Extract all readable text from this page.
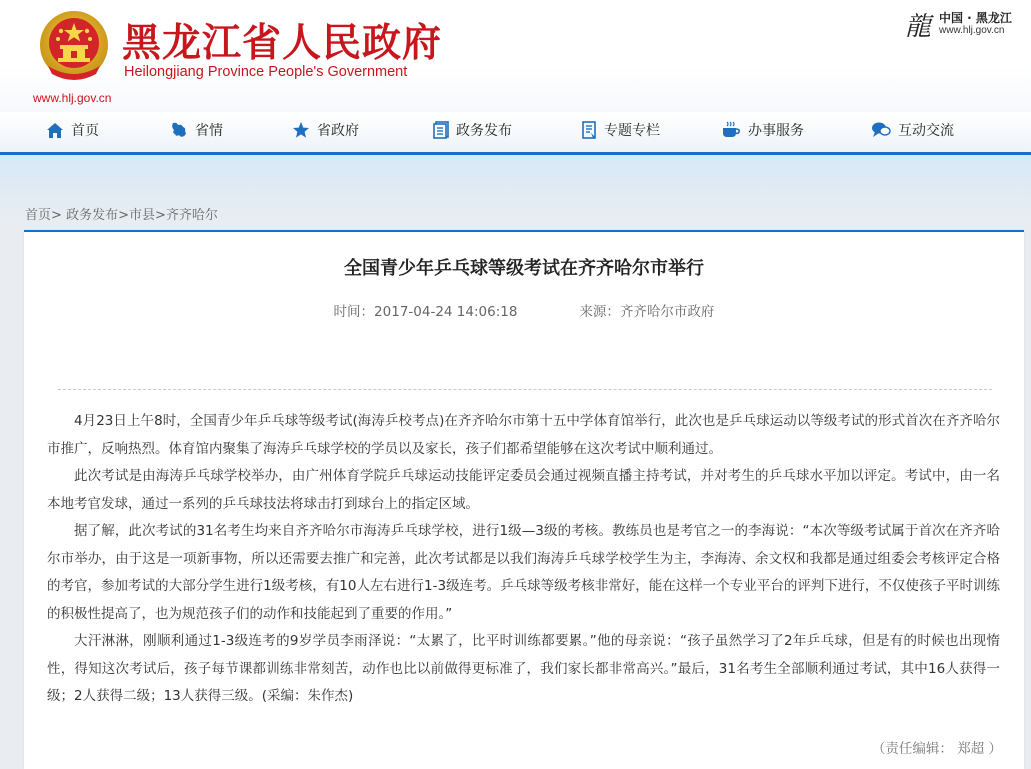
黑龙江省人民政府
Heilongjiang Province People's Government
www.hlj.gov.cn
龍 中国 · 黑龙江
www.hlj.gov.cn
首页	省情	省政府	政务发布	专题专栏	办事服务	互动交流
首页> 政务发布>市县>齐齐哈尔
全国青少年乒乓球等级考试在齐齐哈尔市举行
时间：2017-04-24 14:06:18	来源：齐齐哈尔市政府

4月23日上午8时，全国青少年乒乓球等级考试(海涛乒校考点)在齐齐哈尔市第十五中学体育馆举行，此次也是乒乓球运动以等级考试的形式首次在齐齐哈尔市推广，反响热烈。体育馆内聚集了海涛乒乓球学校的学员以及家长，孩子们都希望能够在这次考试中顺利通过。

此次考试是由海涛乒乓球学校举办，由广州体育学院乒乓球运动技能评定委员会通过视频直播主持考试，并对考生的乒乓球水平加以评定。考试中，由一名本地考官发球，通过一系列的乒乓球技法将球击打到球台上的指定区域。

据了解，此次考试的31名考生均来自齐齐哈尔市海涛乒乓球学校，进行1级—3级的考核。教练员也是考官之一的李海说：“本次等级考试属于首次在齐齐哈尔市举办，由于这是一项新事物，所以还需要去推广和完善，此次考试都是以我们海涛乒乓球学校学生为主，李海涛、余文权和我都是通过组委会考核评定合格的考官，参加考试的大部分学生进行1级考核，有10人左右进行1-3级连考。乒乓球等级考核非常好，能在这样一个专业平台的评判下进行，不仅使孩子平时训练的积极性提高了，也为规范孩子们的动作和技能起到了重要的作用。”

大汗淋淋，刚顺利通过1-3级连考的9岁学员李雨泽说：“太累了，比平时训练都要累。”他的母亲说：“孩子虽然学习了2年乒乓球，但是有的时候也出现惰性，得知这次考试后，孩子每节课都训练非常刻苦，动作也比以前做得更标准了，我们家长都非常高兴。”最后，31名考生全部顺利通过考试，其中16人获得一级；2人获得二级；13人获得三级。(采编：朱作杰)

（责任编辑： 郑超 ）
